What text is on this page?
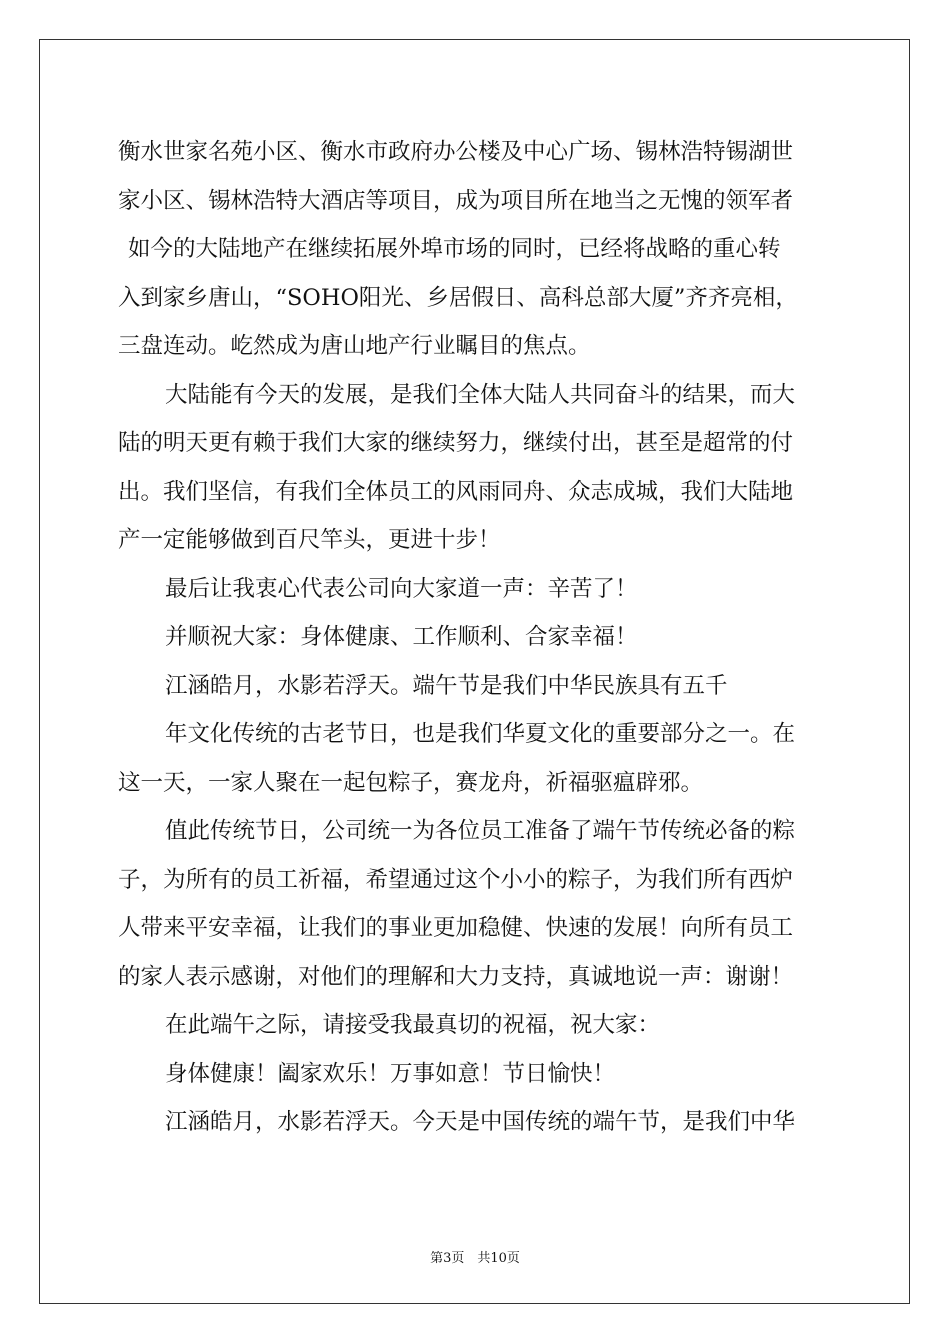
衡水世家名苑小区、衡水市政府办公楼及中心广场、锡林浩特锡湖世
家小区、锡林浩特大酒店等项目，成为项目所在地当之无愧的领军者
如今的大陆地产在继续拓展外埠市场的同时，已经将战略的重心转
入到家乡唐山，“SOHO阳光、乡居假日、高科总部大厦”齐齐亮相，
三盘连动。屹然成为唐山地产行业瞩目的焦点。
大陆能有今天的发展，是我们全体大陆人共同奋斗的结果，而大
陆的明天更有赖于我们大家的继续努力，继续付出，甚至是超常的付
出。我们坚信，有我们全体员工的风雨同舟、众志成城，我们大陆地
产一定能够做到百尺竿头，更进十步！
最后让我衷心代表公司向大家道一声：辛苦了！
并顺祝大家：身体健康、工作顺利、合家幸福！
江涵皓月，水影若浮天。端午节是我们中华民族具有五千
年文化传统的古老节日，也是我们华夏文化的重要部分之一。在
这一天，一家人聚在一起包粽子，赛龙舟，祈福驱瘟辟邪。
值此传统节日，公司统一为各位员工准备了端午节传统必备的粽
子，为所有的员工祈福，希望通过这个小小的粽子，为我们所有西炉
人带来平安幸福，让我们的事业更加稳健、快速的发展！向所有员工
的家人表示感谢，对他们的理解和大力支持，真诚地说一声：谢谢！
在此端午之际，请接受我最真切的祝福，祝大家：
身体健康！阖家欢乐！万事如意！节日愉快！
江涵皓月，水影若浮天。今天是中国传统的端午节，是我们中华
第3页　共10页
